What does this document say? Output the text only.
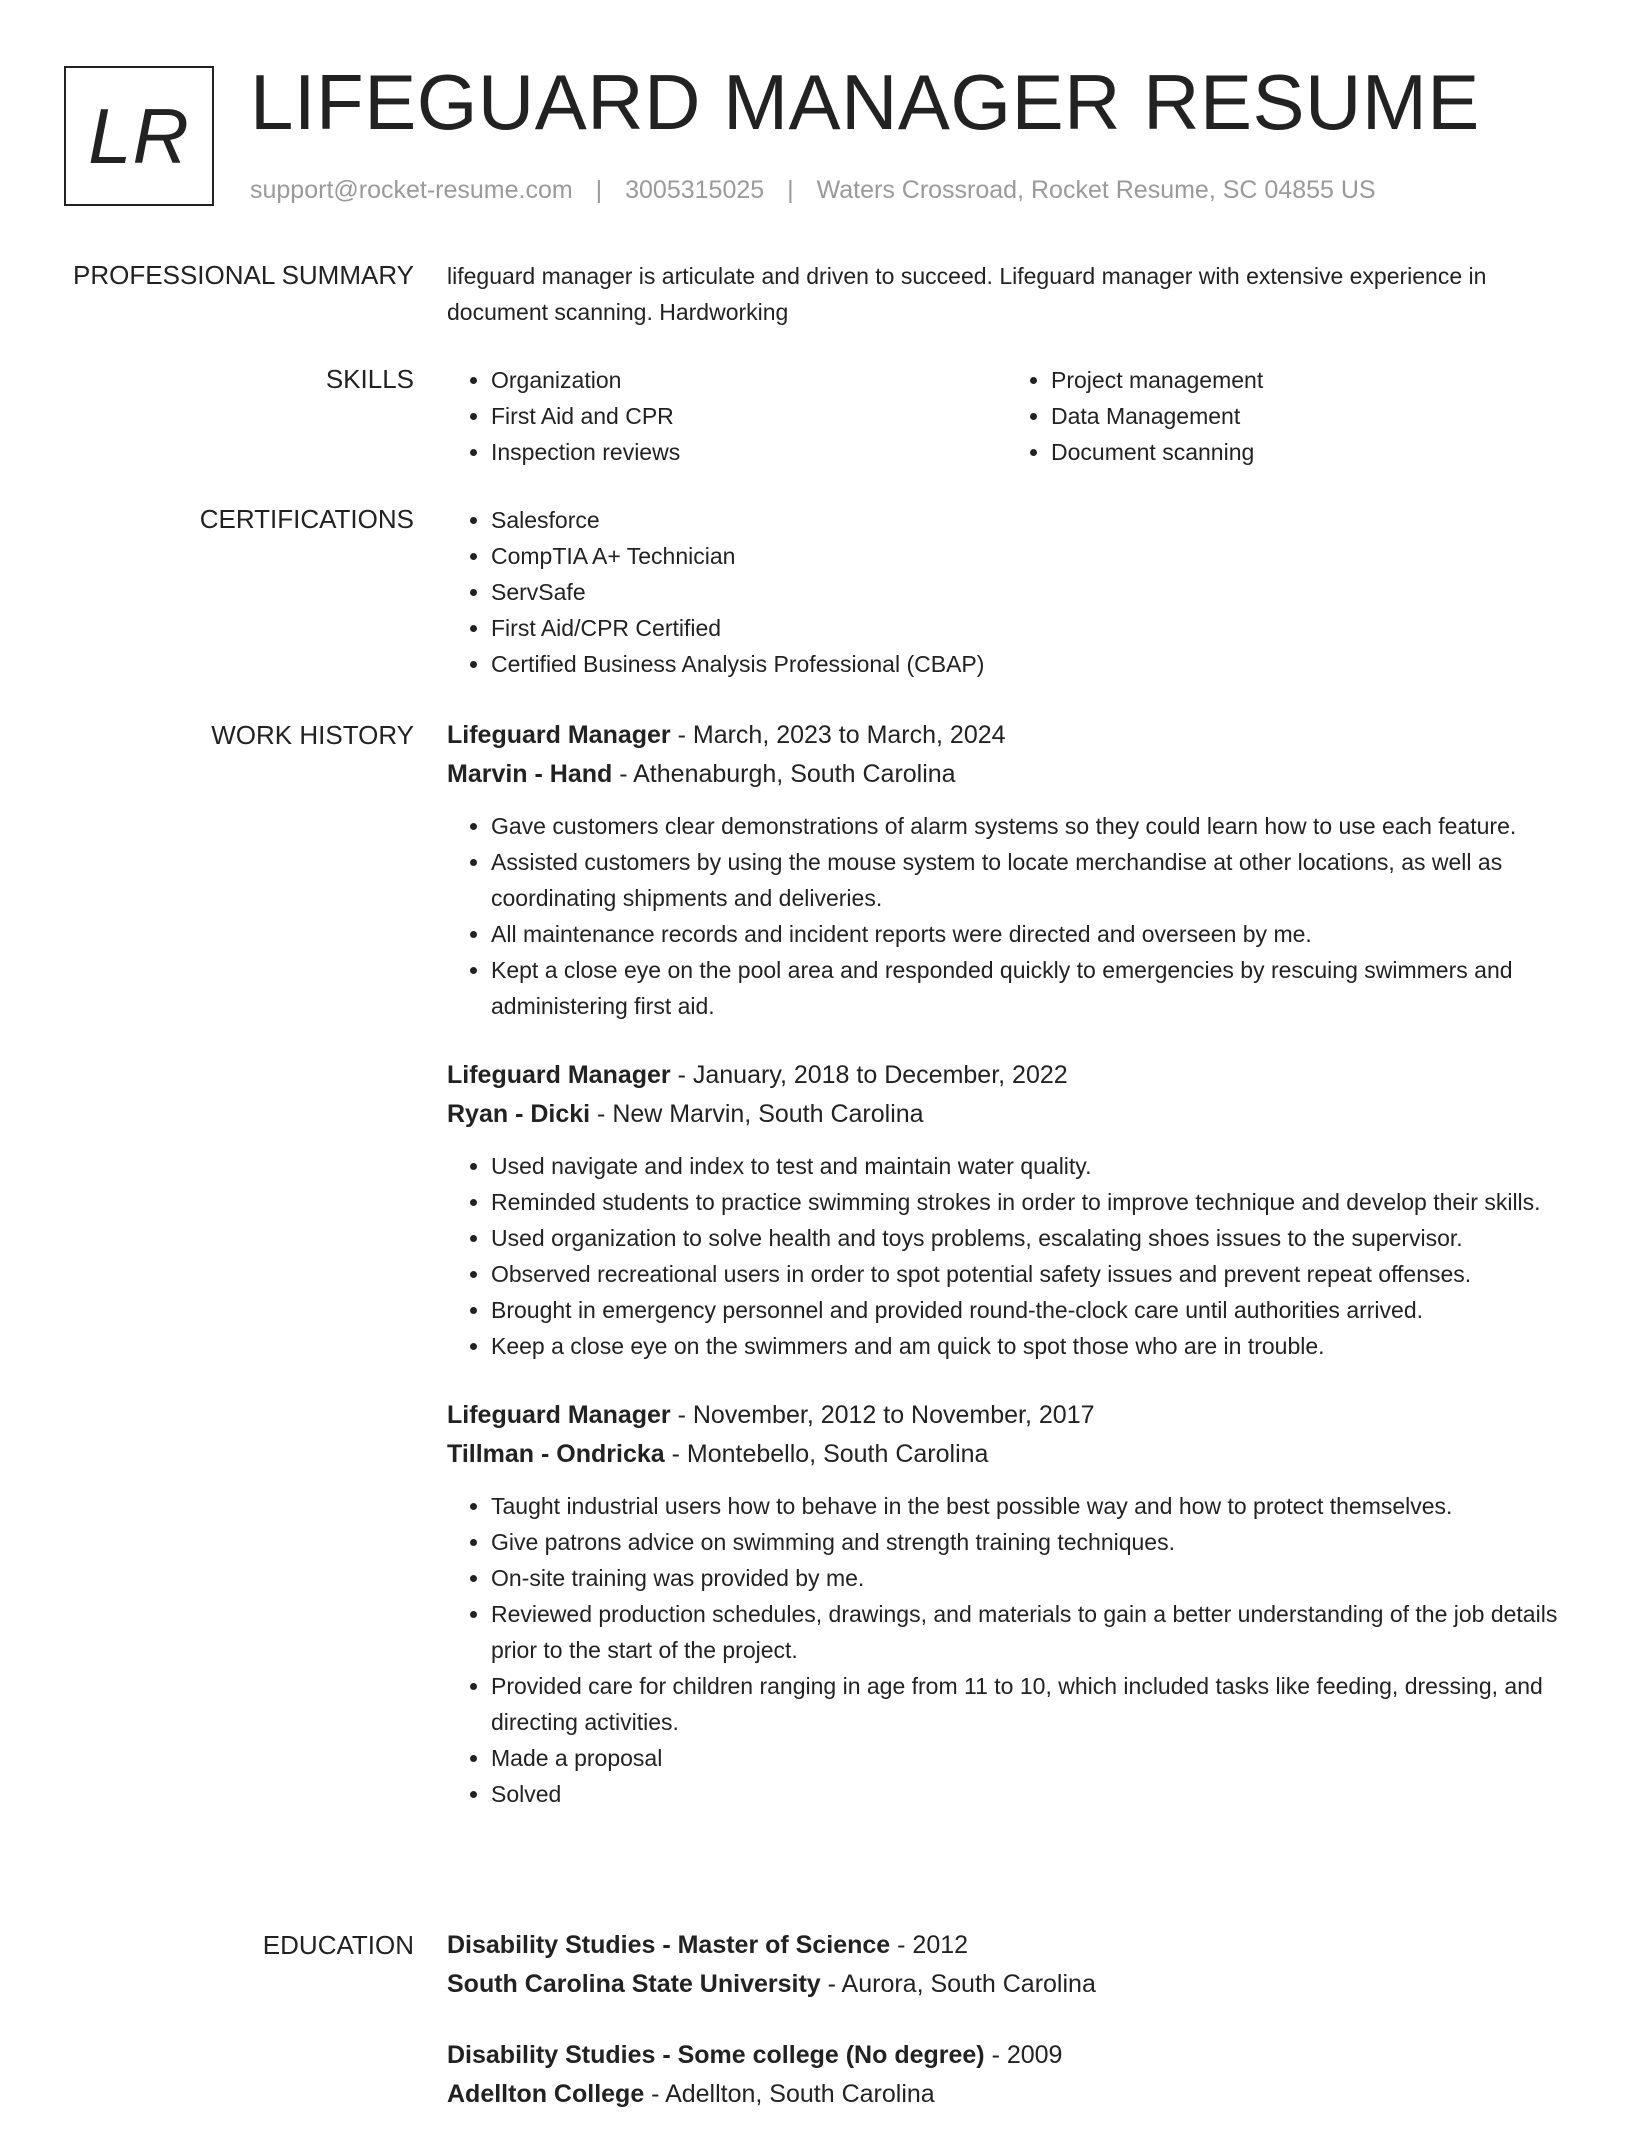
LR LIFEGUARD MANAGER RESUME
support@rocket-resume.com | 3005315025 | Waters Crossroad, Rocket Resume, SC 04855 US
PROFESSIONAL SUMMARY lifeguard manager is articulate and driven to succeed. Lifeguard manager with extensive experience in document scanning. Hardworking

SKILLS	• Organization
• First Aid and CPR
• Inspection reviews
• Project management
• Data Management
• Document scanning
CERTIFICATIONS	• Salesforce
• CompTIA A+ Technician
• ServSafe
• First Aid/CPR Certified
• Certified Business Analysis Professional (CBAP)
WORK HISTORY Lifeguard Manager - March, 2023 to March, 2024

Marvin - Hand - Athenaburgh, South Carolina

• Gave customers clear demonstrations of alarm systems so they could learn how to use each feature.
• Assisted customers by using the mouse system to locate merchandise at other locations, as well as coordinating shipments and deliveries.
• All maintenance records and incident reports were directed and overseen by me.
• Kept a close eye on the pool area and responded quickly to emergencies by rescuing swimmers and administering first aid.

Lifeguard Manager - January, 2018 to December, 2022

Ryan - Dicki - New Marvin, South Carolina

• Used navigate and index to test and maintain water quality.
• Reminded students to practice swimming strokes in order to improve technique and develop their skills.
• Used organization to solve health and toys problems, escalating shoes issues to the supervisor.
• Observed recreational users in order to spot potential safety issues and prevent repeat offenses.
• Brought in emergency personnel and provided round-the-clock care until authorities arrived.
• Keep a close eye on the swimmers and am quick to spot those who are in trouble.

Lifeguard Manager - November, 2012 to November, 2017

Tillman - Ondricka - Montebello, South Carolina

• Taught industrial users how to behave in the best possible way and how to protect themselves.
• Give patrons advice on swimming and strength training techniques.
• On-site training was provided by me.
• Reviewed production schedules, drawings, and materials to gain a better understanding of the job details prior to the start of the project.
• Provided care for children ranging in age from 11 to 10, which included tasks like feeding, dressing, and directing activities.
• Made a proposal
• Solved
EDUCATION Disability Studies - Master of Science - 2012

South Carolina State University - Aurora, South Carolina

Disability Studies - Some college (No degree) - 2009

Adellton College - Adellton, South Carolina
